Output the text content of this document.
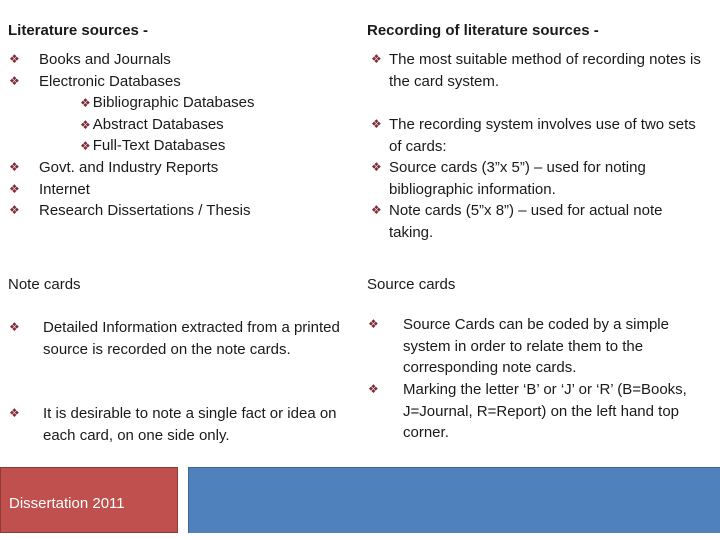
Literature sources -
❖ Books and Journals
❖ Electronic Databases
❖ Bibliographic Databases
❖ Abstract Databases
❖ Full-Text Databases
❖ Govt. and Industry Reports
❖ Internet
❖ Research Dissertations / Thesis
Recording of literature sources -
❖ The most suitable method of recording notes is the card system.
❖ The recording system involves use of two sets of cards:
❖ Source cards (3”x 5”) – used for noting bibliographic information.
❖ Note cards (5”x 8”) – used for actual note taking.
Note cards
❖ Detailed Information extracted from a printed source is recorded on the note cards.
❖ It is desirable to note a single fact or idea on each card, on one side only.
Source cards
❖ Source Cards can be coded by a simple system in order to relate them to the corresponding note cards.
❖ Marking the letter ‘B’ or ‘J’ or ‘R’ (B=Books, J=Journal, R=Report) on the left hand top corner.
Dissertation 2011
